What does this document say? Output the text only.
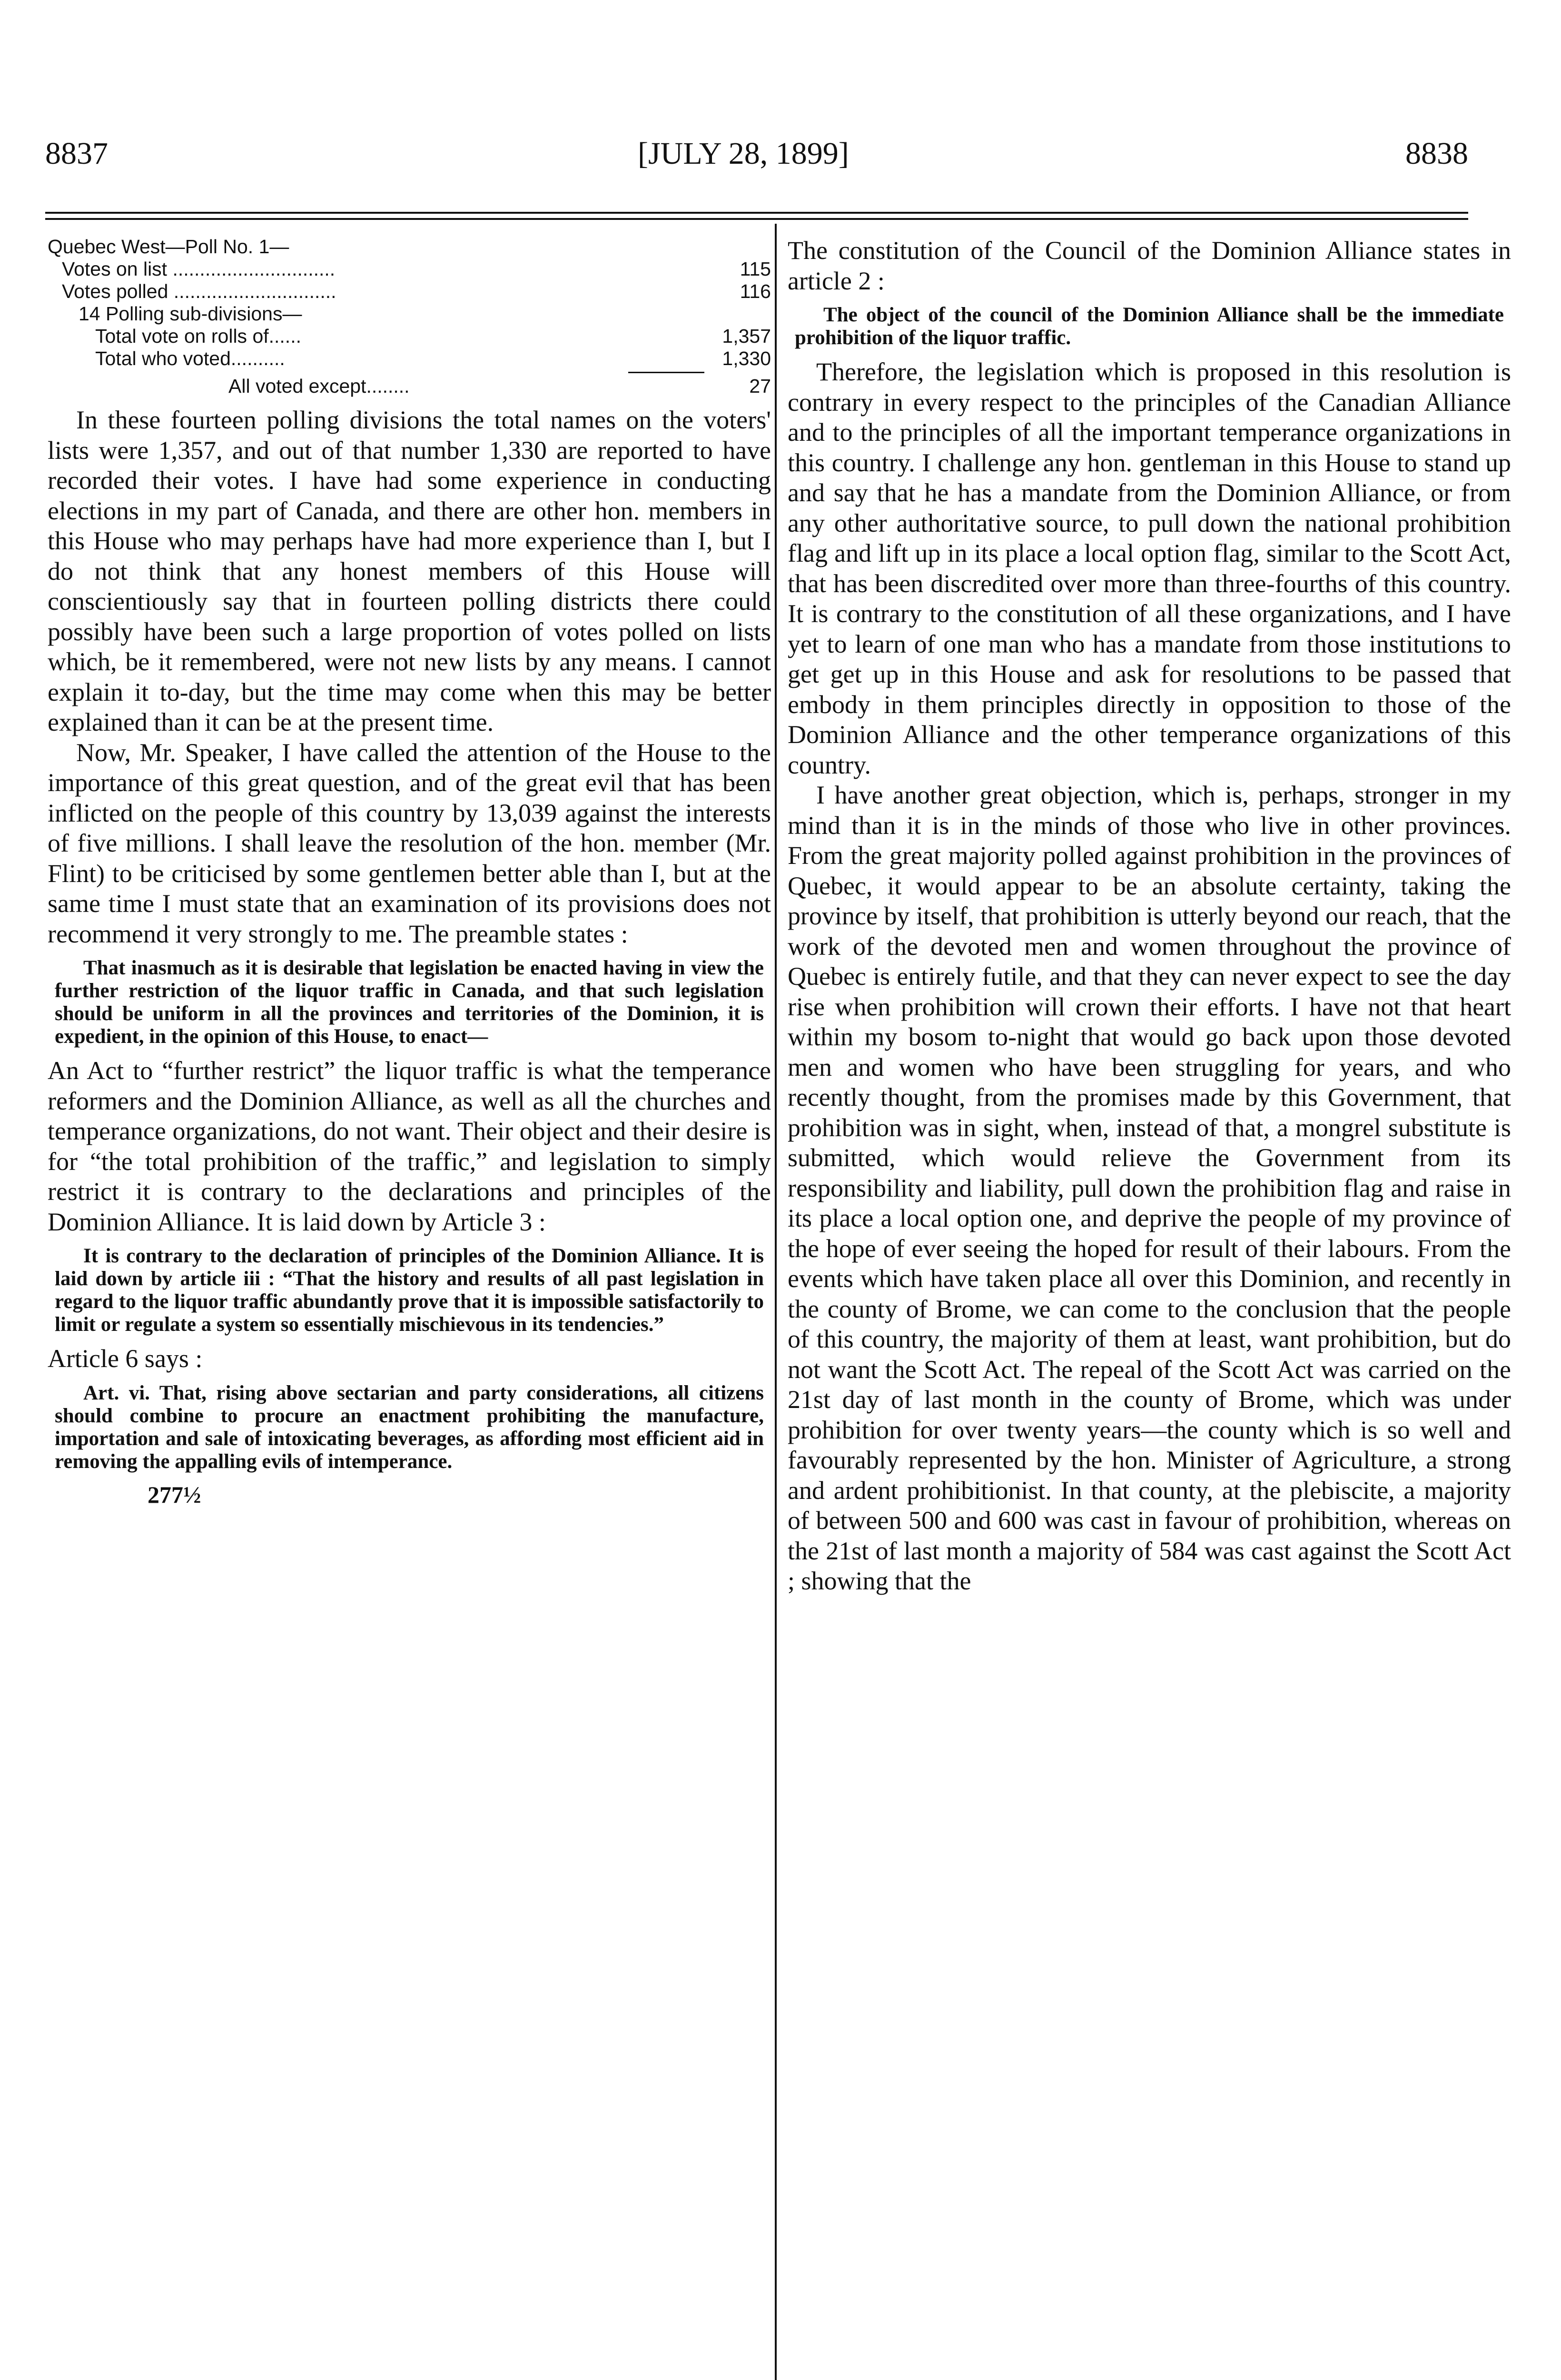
8837	[JULY 28, 1899]	8838
Quebec West—Poll No. 1—
Votes on list ..............................	115
Votes polled ..............................	116
14 Polling sub-divisions—
Total vote on rolls of......	1,357
Total who voted..........	1,330
All voted except........	27

In these fourteen polling divisions the total names on the voters' lists were 1,357, and out of that number 1,330 are reported to have recorded their votes. I have had some experience in conducting elections in my part of Canada, and there are other hon. members in this House who may perhaps have had more experience than I, but I do not think that any honest members of this House will conscientiously say that in fourteen polling districts there could possibly have been such a large proportion of votes polled on lists which, be it remembered, were not new lists by any means. I cannot explain it to-day, but the time may come when this may be better explained than it can be at the present time.

Now, Mr. Speaker, I have called the attention of the House to the importance of this great question, and of the great evil that has been inflicted on the people of this country by 13,039 against the interests of five millions. I shall leave the resolution of the hon. member (Mr. Flint) to be criticised by some gentlemen better able than I, but at the same time I must state that an examination of its provisions does not recommend it very strongly to me. The preamble states :

That inasmuch as it is desirable that legislation be enacted having in view the further restriction of the liquor traffic in Canada, and that such legislation should be uniform in all the provinces and territories of the Dominion, it is expedient, in the opinion of this House, to enact—

An Act to “further restrict” the liquor traffic is what the temperance reformers and the Dominion Alliance, as well as all the churches and temperance organizations, do not want. Their object and their desire is for “the total prohibition of the traffic,” and legislation to simply restrict it is contrary to the declarations and principles of the Dominion Alliance. It is laid down by Article 3 :

It is contrary to the declaration of principles of the Dominion Alliance. It is laid down by article iii : “That the history and results of all past legislation in regard to the liquor traffic abundantly prove that it is impossible satisfactorily to limit or regulate a system so essentially mischievous in its tendencies.”

Article 6 says :

Art. vi. That, rising above sectarian and party considerations, all citizens should combine to procure an enactment prohibiting the manufacture, importation and sale of intoxicating beverages, as affording most efficient aid in removing the appalling evils of intemperance.

277½

The constitution of the Council of the Dominion Alliance states in article 2 :

The object of the council of the Dominion Alliance shall be the immediate prohibition of the liquor traffic.

Therefore, the legislation which is proposed in this resolution is contrary in every respect to the principles of the Canadian Alliance and to the principles of all the important temperance organizations in this country. I challenge any hon. gentleman in this House to stand up and say that he has a mandate from the Dominion Alliance, or from any other authoritative source, to pull down the national prohibition flag and lift up in its place a local option flag, similar to the Scott Act, that has been discredited over more than three-fourths of this country. It is contrary to the constitution of all these organizations, and I have yet to learn of one man who has a mandate from those institutions to get get up in this House and ask for resolutions to be passed that embody in them principles directly in opposition to those of the Dominion Alliance and the other temperance organizations of this country.

I have another great objection, which is, perhaps, stronger in my mind than it is in the minds of those who live in other provinces. From the great majority polled against prohibition in the provinces of Quebec, it would appear to be an absolute certainty, taking the province by itself, that prohibition is utterly beyond our reach, that the work of the devoted men and women throughout the province of Quebec is entirely futile, and that they can never expect to see the day rise when prohibition will crown their efforts. I have not that heart within my bosom to-night that would go back upon those devoted men and women who have been struggling for years, and who recently thought, from the promises made by this Government, that prohibition was in sight, when, instead of that, a mongrel substitute is submitted, which would relieve the Government from its responsibility and liability, pull down the prohibition flag and raise in its place a local option one, and deprive the people of my province of the hope of ever seeing the hoped for result of their labours. From the events which have taken place all over this Dominion, and recently in the county of Brome, we can come to the conclusion that the people of this country, the majority of them at least, want prohibition, but do not want the Scott Act. The repeal of the Scott Act was carried on the 21st day of last month in the county of Brome, which was under prohibition for over twenty years—the county which is so well and favourably represented by the hon. Minister of Agriculture, a strong and ardent prohibitionist. In that county, at the plebiscite, a majority of between 500 and 600 was cast in favour of prohibition, whereas on the 21st of last month a majority of 584 was cast against the Scott Act ; showing that the
